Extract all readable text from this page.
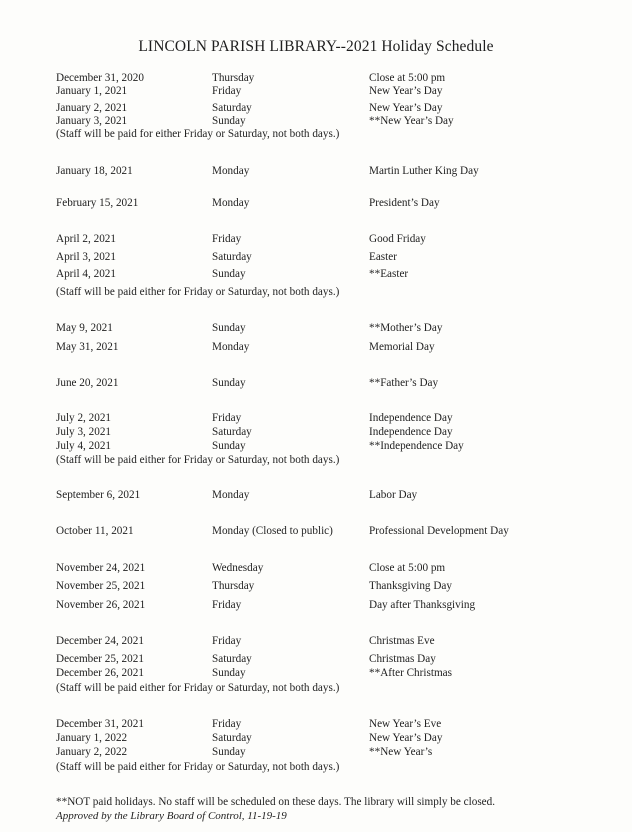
LINCOLN PARISH LIBRARY--2021 Holiday Schedule
December 31, 2020	Thursday	Close at 5:00 pm
January 1, 2021	Friday	New Year’s Day
January 2, 2021	Saturday	New Year’s Day
January 3, 2021	Sunday	**New Year’s Day
(Staff will be paid for either Friday or Saturday, not both days.)
January 18, 2021	Monday	Martin Luther King Day
February 15, 2021	Monday	President’s Day
April 2, 2021	Friday	Good Friday
April 3, 2021	Saturday	Easter
April 4, 2021	Sunday	**Easter
(Staff will be paid either for Friday or Saturday, not both days.)
May 9, 2021	Sunday	**Mother’s Day
May 31, 2021	Monday	Memorial Day
June 20, 2021	Sunday	**Father’s Day
July 2, 2021	Friday	Independence Day
July 3, 2021	Saturday	Independence Day
July 4, 2021	Sunday	**Independence Day
(Staff will be paid either for Friday or Saturday, not both days.)
September 6, 2021	Monday	Labor Day
October 11, 2021	Monday (Closed to public)	Professional Development Day
November 24, 2021	Wednesday	Close at 5:00 pm
November 25, 2021	Thursday	Thanksgiving Day
November 26, 2021	Friday	Day after Thanksgiving
December 24, 2021	Friday	Christmas Eve
December 25, 2021	Saturday	Christmas Day
December 26, 2021	Sunday	**After Christmas
(Staff will be paid either for Friday or Saturday, not both days.)
December 31, 2021	Friday	New Year’s Eve
January 1, 2022	Saturday	New Year’s Day
January 2, 2022	Sunday	**New Year’s
(Staff will be paid either for Friday or Saturday, not both days.)
**NOT paid holidays. No staff will be scheduled on these days. The library will simply be closed.
Approved by the Library Board of Control, 11-19-19
